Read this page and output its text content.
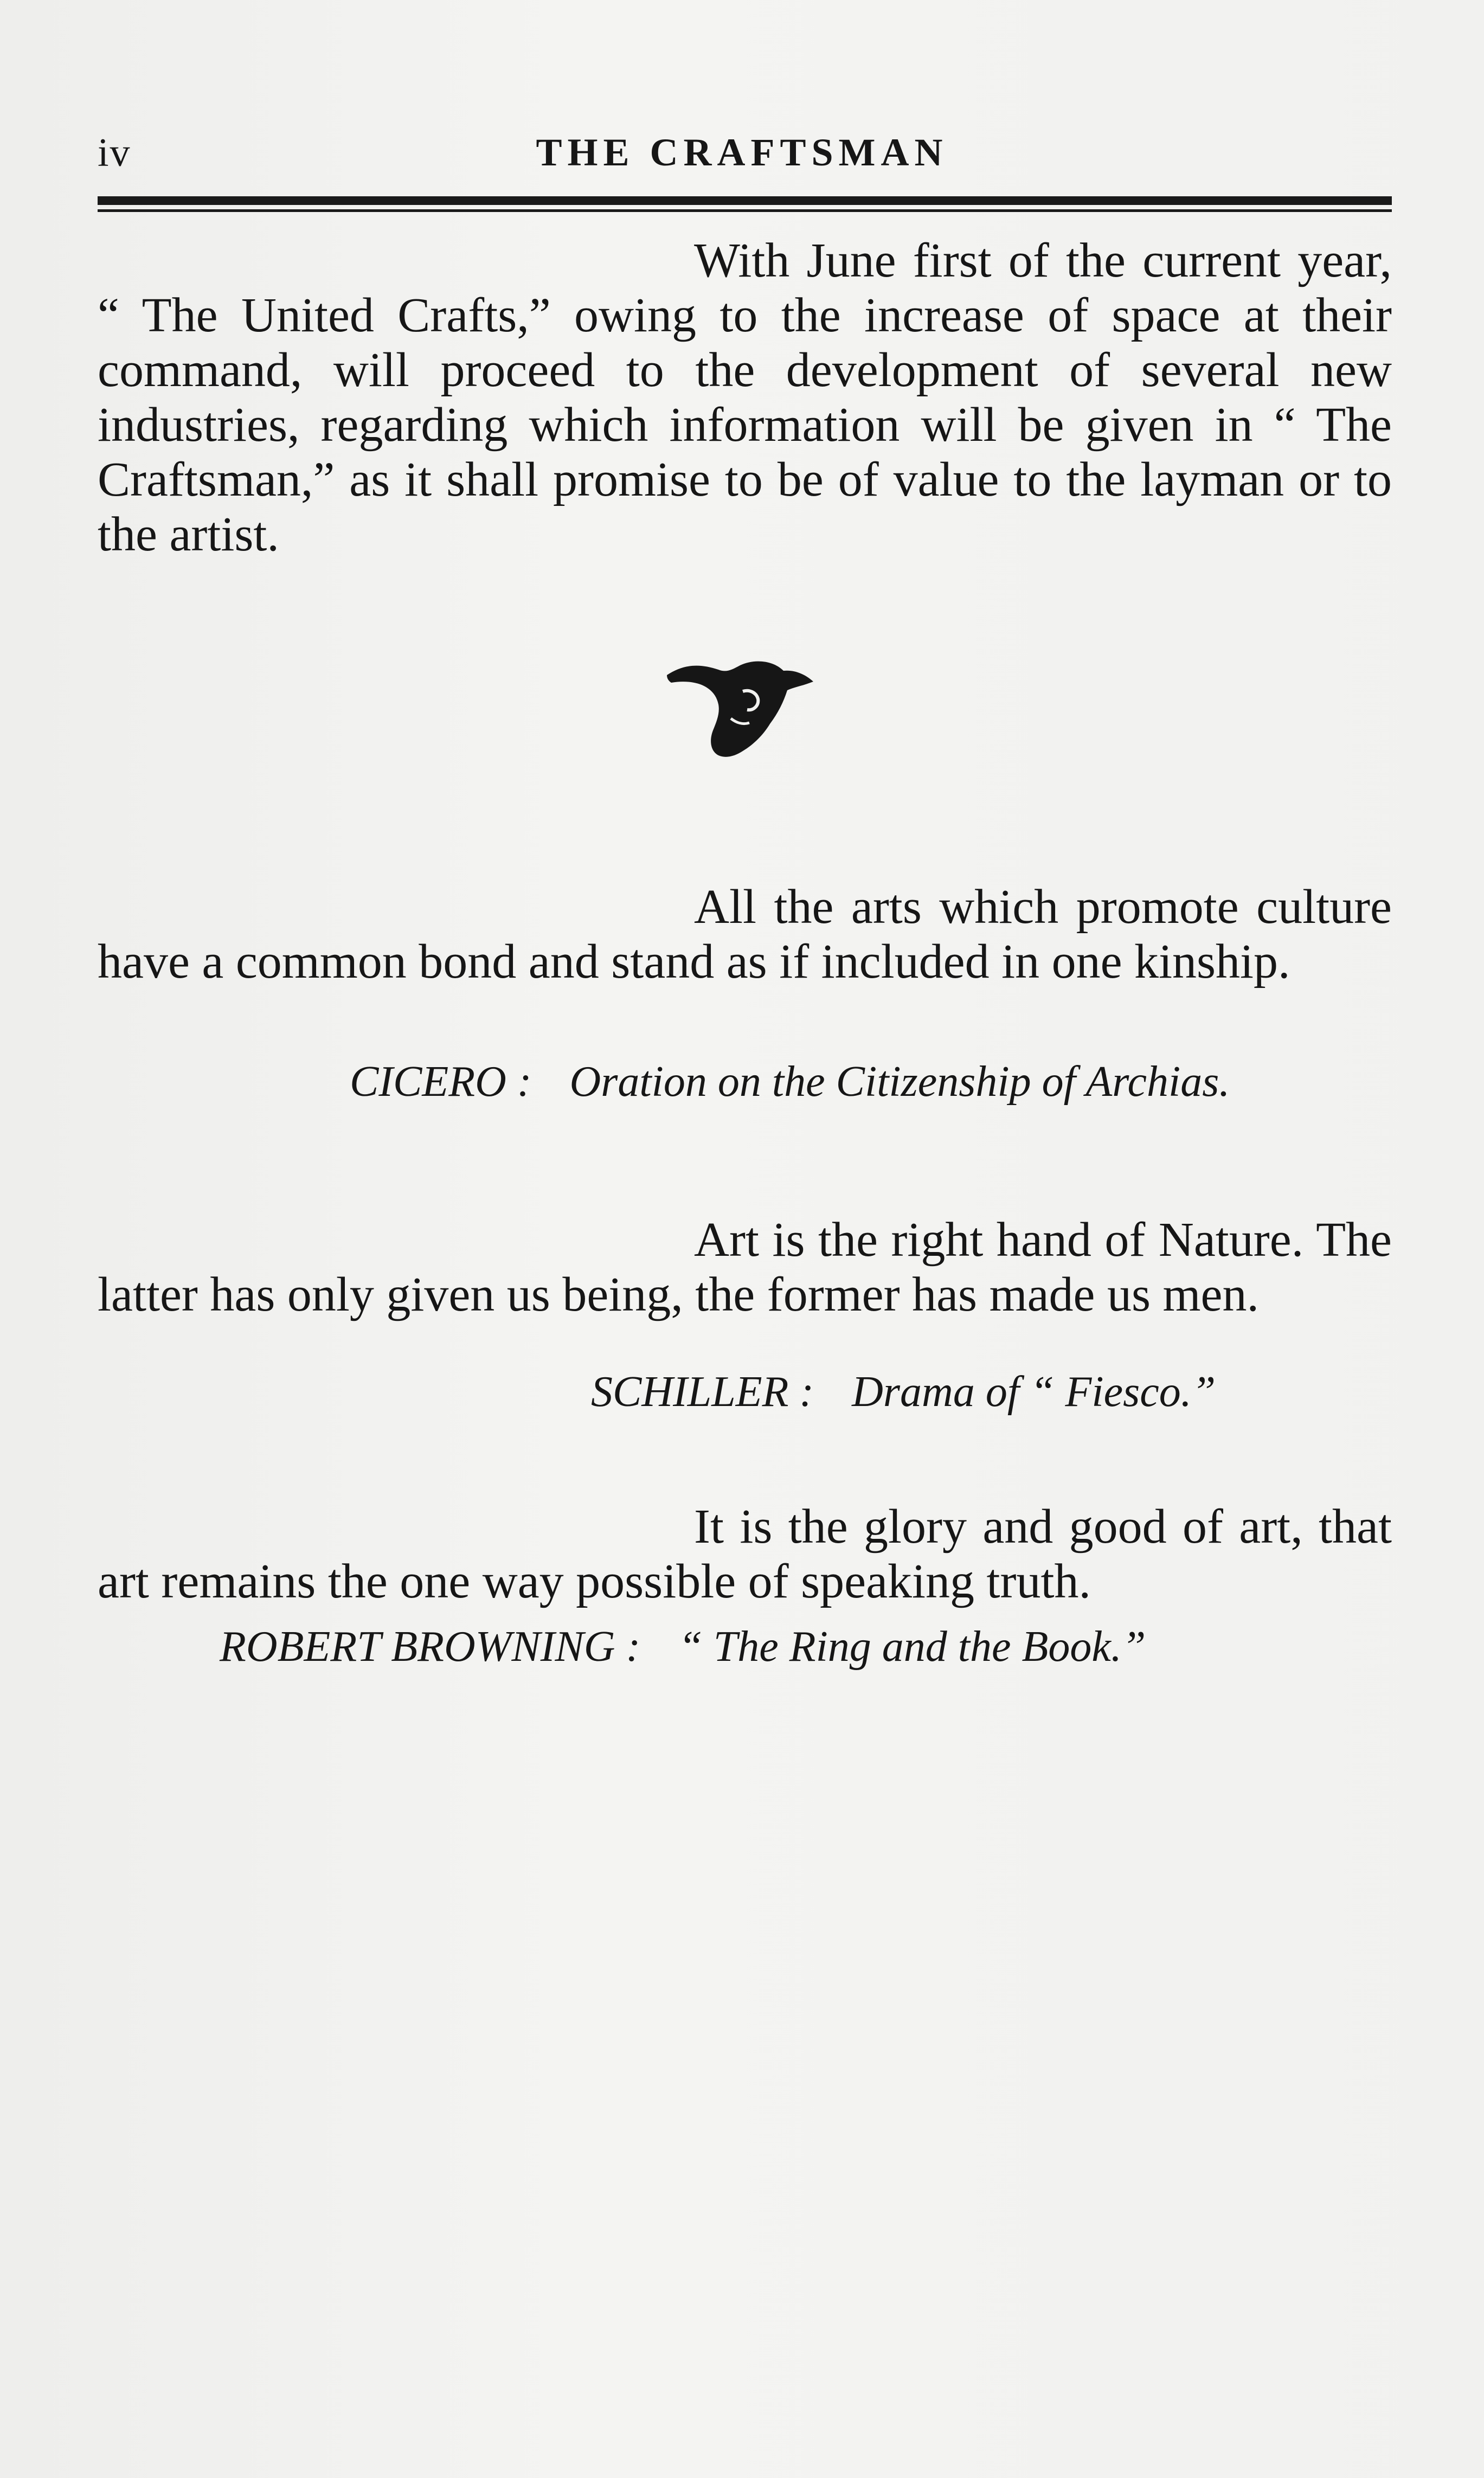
iv	THE CRAFTSMAN

With June first of the current year, “ The United Crafts,” owing to the increase of space at their command, will proceed to the development of several new industries, regarding which information will be given in “ The Craftsman,” as it shall promise to be of value to the layman or to the artist.

All the arts which promote culture have a common bond and stand as if included in one kinship.

CICERO : Oration on the Citizenship of Archias.

Art is the right hand of Nature. The latter has only given us being, the former has made us men.

SCHILLER : Drama of “ Fiesco.”

It is the glory and good of art, that art remains the one way possible of speaking truth.

ROBERT BROWNING : “ The Ring and the Book.”
